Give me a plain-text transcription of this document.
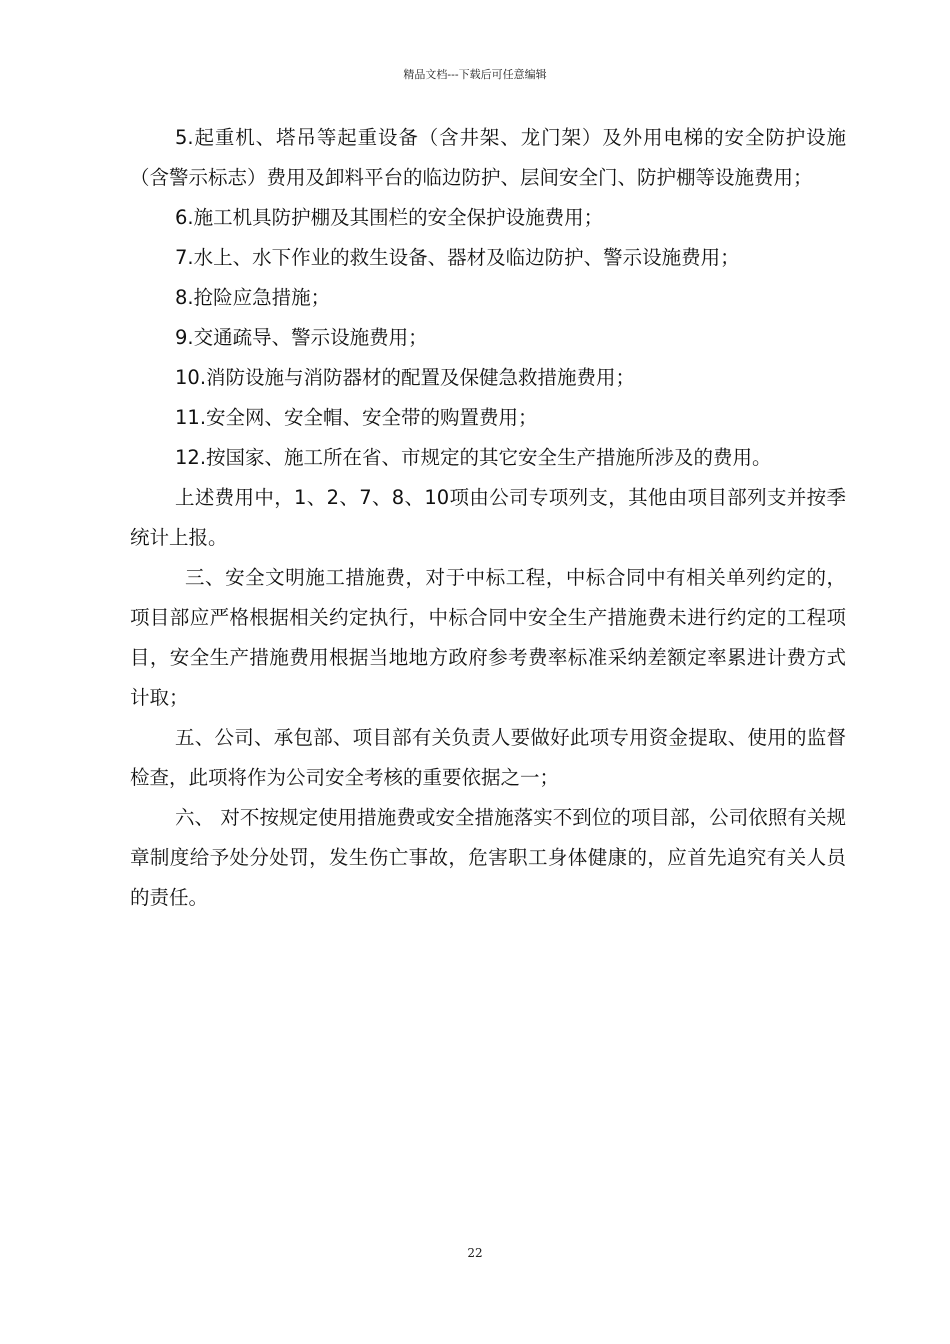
精品文档---下载后可任意编辑

5.起重机、塔吊等起重设备（含井架、龙门架）及外用电梯的安全防护设施（含警示标志）费用及卸料平台的临边防护、层间安全门、防护棚等设施费用；

6.施工机具防护棚及其围栏的安全保护设施费用；

7.水上、水下作业的救生设备、器材及临边防护、警示设施费用；

8.抢险应急措施；

9.交通疏导、警示设施费用；

10.消防设施与消防器材的配置及保健急救措施费用；

11.安全网、安全帽、安全带的购置费用；

12.按国家、施工所在省、市规定的其它安全生产措施所涉及的费用。

上述费用中，1、2、7、8、10项由公司专项列支，其他由项目部列支并按季统计上报。

三、安全文明施工措施费，对于中标工程，中标合同中有相关单列约定的，项目部应严格根据相关约定执行，中标合同中安全生产措施费未进行约定的工程项目，安全生产措施费用根据当地地方政府参考费率标准采纳差额定率累进计费方式计取；

五、公司、承包部、项目部有关负责人要做好此项专用资金提取、使用的监督检查，此项将作为公司安全考核的重要依据之一；

六、 对不按规定使用措施费或安全措施落实不到位的项目部，公司依照有关规章制度给予处分处罚，发生伤亡事故，危害职工身体健康的，应首先追究有关人员的责任。

22
